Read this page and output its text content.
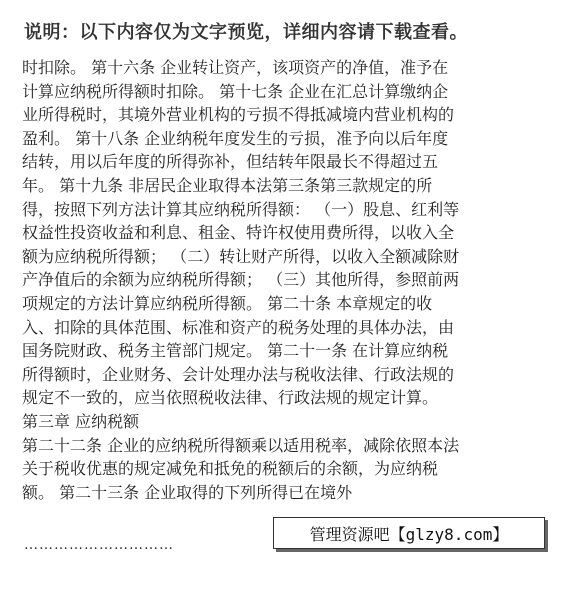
说明：以下内容仅为文字预览，详细内容请下载查看。
时扣除。 第十六条 企业转让资产，该项资产的净值，准予在
计算应纳税所得额时扣除。 第十七条 企业在汇总计算缴纳企
业所得税时，其境外营业机构的亏损不得抵减境内营业机构的
盈利。 第十八条 企业纳税年度发生的亏损，准予向以后年度
结转，用以后年度的所得弥补，但结转年限最长不得超过五
年。 第十九条 非居民企业取得本法第三条第三款规定的所
得，按照下列方法计算其应纳税所得额： （一）股息、红利等
权益性投资收益和利息、租金、特许权使用费所得，以收入全
额为应纳税所得额； （二）转让财产所得，以收入全额减除财
产净值后的余额为应纳税所得额； （三）其他所得，参照前两
项规定的方法计算应纳税所得额。 第二十条 本章规定的收
入、扣除的具体范围、标准和资产的税务处理的具体办法，由
国务院财政、税务主管部门规定。 第二十一条 在计算应纳税
所得额时，企业财务、会计处理办法与税收法律、行政法规的
规定不一致的，应当依照税收法律、行政法规的规定计算。
第三章 应纳税额
第二十二条 企业的应纳税所得额乘以适用税率，减除依照本法
关于税收优惠的规定减免和抵免的税额后的余额，为应纳税
额。 第二十三条 企业取得的下列所得已在境外
…………………………
管理资源吧【glzy8.com】
